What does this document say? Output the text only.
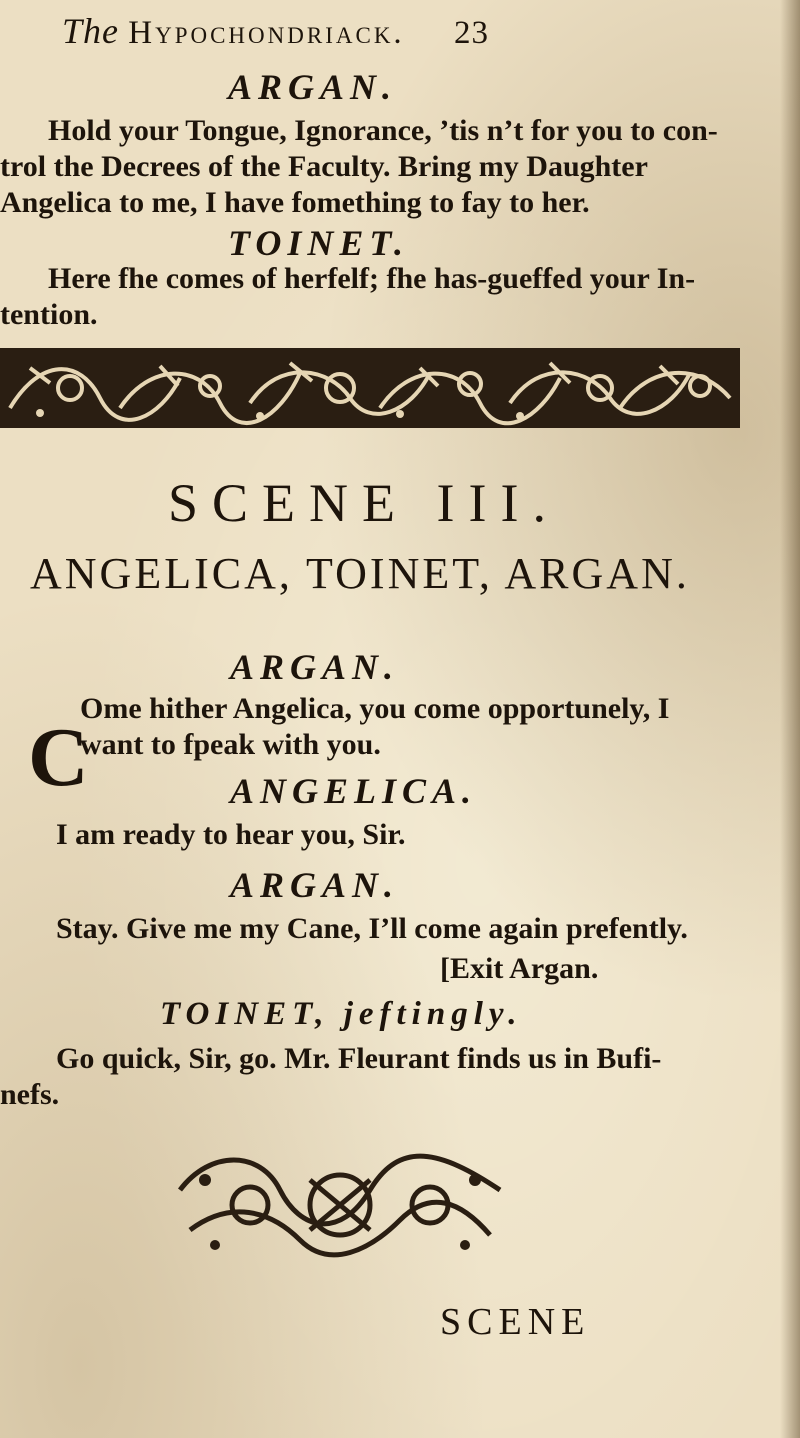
The Hypochondriack. 23
ARGAN.
Hold your Tongue, Ignorance, ’tis n’t for you to con-
trol the Decrees of the Faculty. Bring my Daughter
Angelica to me, I have fomething to fay to her.
TOINET.
Here fhe comes of herfelf; fhe has-gueffed your In-
tention.
SCENE III.
ANGELICA, TOINET, ARGAN.
ARGAN.
C
Ome hither Angelica, you come opportunely, I
want to fpeak with you.
ANGELICA.
I am ready to hear you, Sir.
ARGAN.
Stay. Give me my Cane, I’ll come again prefently.
[Exit Argan.
TOINET, jeftingly.
Go quick, Sir, go. Mr. Fleurant finds us in Bufi-
nefs.
SCENE
